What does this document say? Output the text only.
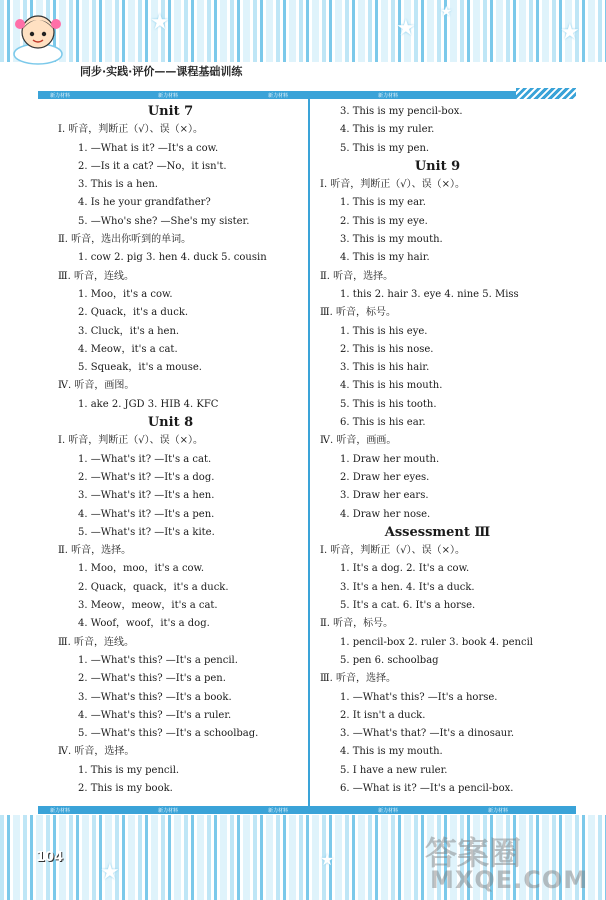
★	★
★
★
★
★
同步·实践·评价——课程基础训练
新力材料	新力材料	新力材料	新力材料
Unit 7
Ⅰ. 听音，判断正（√）、误（×）。
1. —What is it? —It's a cow.
2. —Is it a cat? —No，it isn't.
3. This is a hen.
4. Is he your grandfather?
5. —Who's she? —She's my sister.
Ⅱ. 听音，选出你听到的单词。
1. cow 2. pig 3. hen 4. duck 5. cousin
Ⅲ. 听音，连线。
1. Moo，it's a cow.
2. Quack，it's a duck.
3. Cluck，it's a hen.
4. Meow，it's a cat.
5. Squeak，it's a mouse.
Ⅳ. 听音，画图。
1. ake 2. JGD 3. HIB 4. KFC
Unit 8
Ⅰ. 听音，判断正（√）、误（×）。
1. —What's it? —It's a cat.
2. —What's it? —It's a dog.
3. —What's it? —It's a hen.
4. —What's it? —It's a pen.
5. —What's it? —It's a kite.
Ⅱ. 听音，选择。
1. Moo，moo，it's a cow.
2. Quack，quack，it's a duck.
3. Meow，meow，it's a cat.
4. Woof，woof，it's a dog.
Ⅲ. 听音，连线。
1. —What's this? —It's a pencil.
2. —What's this? —It's a pen.
3. —What's this? —It's a book.
4. —What's this? —It's a ruler.
5. —What's this? —It's a schoolbag.
Ⅳ. 听音，选择。
1. This is my pencil.
2. This is my book.
3. This is my pencil-box.
4. This is my ruler.
5. This is my pen.
Unit 9
Ⅰ. 听音，判断正（√）、误（×）。
1. This is my ear.
2. This is my eye.
3. This is my mouth.
4. This is my hair.
Ⅱ. 听音，选择。
1. this 2. hair 3. eye 4. nine 5. Miss
Ⅲ. 听音，标号。
1. This is his eye.
2. This is his nose.
3. This is his hair.
4. This is his mouth.
5. This is his tooth.
6. This is his ear.
Ⅳ. 听音，画画。
1. Draw her mouth.
2. Draw her eyes.
3. Draw her ears.
4. Draw her nose.
Assessment Ⅲ
Ⅰ. 听音，判断正（√）、误（×）。
1. It's a dog. 2. It's a cow.
3. It's a hen. 4. It's a duck.
5. It's a cat. 6. It's a horse.
Ⅱ. 听音，标号。
1. pencil-box 2. ruler 3. book 4. pencil
5. pen 6. schoolbag
Ⅲ. 听音，选择。
1. —What's this? —It's a horse.
2. It isn't a duck.
3. —What's that? —It's a dinosaur.
4. This is my mouth.
5. I have a new ruler.
6. —What is it? —It's a pencil-box.
新力材料	新力材料	新力材料	新力材料	新力材料
104	答案圈
MXQE.COM
